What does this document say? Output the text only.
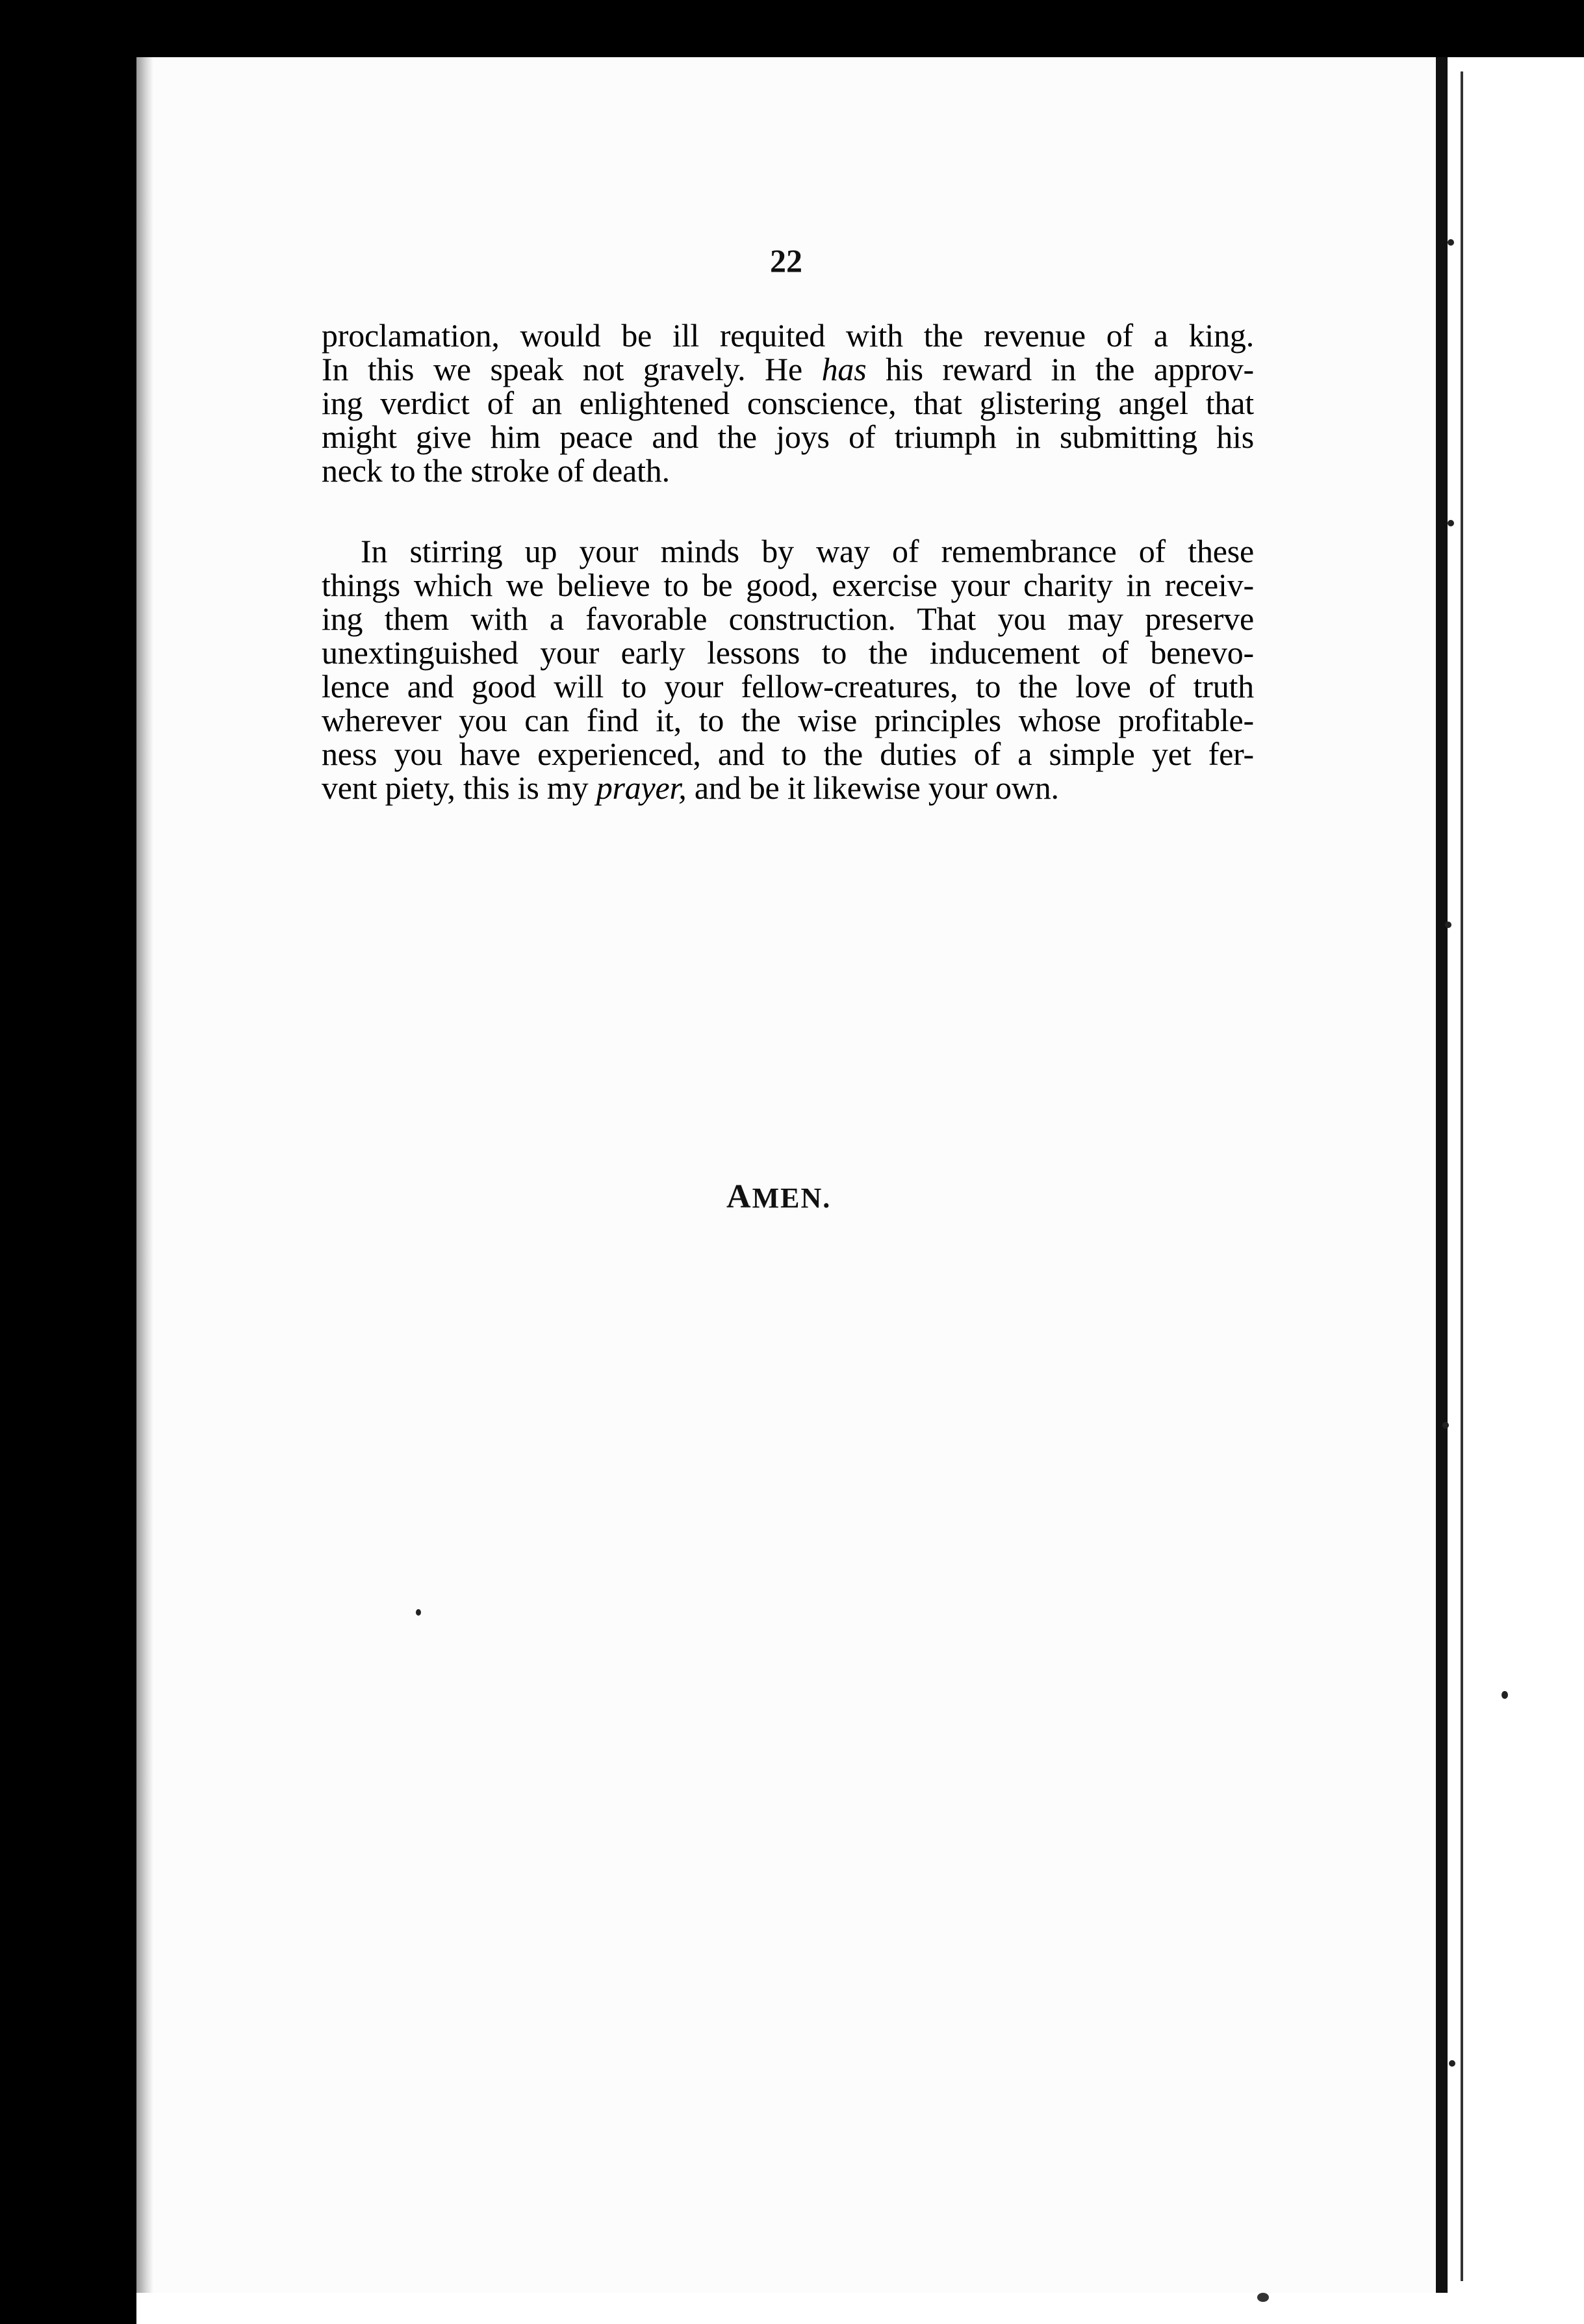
22
proclamation, would be ill requited with the revenue of a king.
In this we speak not gravely. He has his reward in the approv-
ing verdict of an enlightened conscience, that glistering angel that
might give him peace and the joys of triumph in submitting his
neck to the stroke of death.
In stirring up your minds by way of remembrance of these
things which we believe to be good, exercise your charity in receiv-
ing them with a favorable construction. That you may preserve
unextinguished your early lessons to the inducement of benevo-
lence and good will to your fellow-creatures, to the love of truth
wherever you can find it, to the wise principles whose profitable-
ness you have experienced, and to the duties of a simple yet fer-
vent piety, this is my prayer, and be it likewise your own.
AMEN.
